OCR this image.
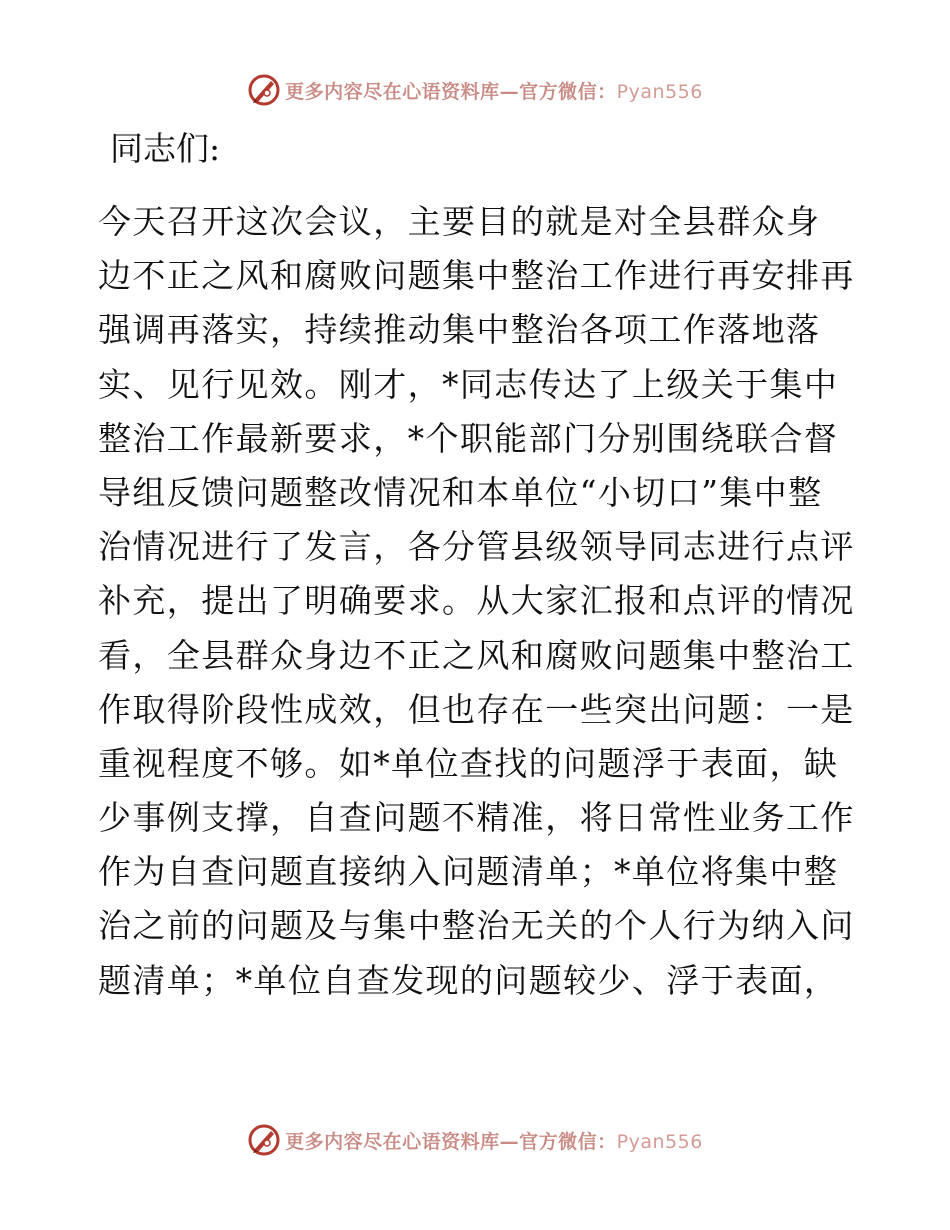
更多内容尽在心语资料库—官方微信：Pyan556

同志们:

今天召开这次会议，主要目的就是对全县群众身
边不正之风和腐败问题集中整治工作进行再安排再
强调再落实，持续推动集中整治各项工作落地落
实、见行见效。刚才，*同志传达了上级关于集中
整治工作最新要求，*个职能部门分别围绕联合督
导组反馈问题整改情况和本单位“小切口”集中整
治情况进行了发言，各分管县级领导同志进行点评
补充，提出了明确要求。从大家汇报和点评的情况
看，全县群众身边不正之风和腐败问题集中整治工
作取得阶段性成效，但也存在一些突出问题：一是
重视程度不够。如*单位查找的问题浮于表面，缺
少事例支撑，自查问题不精准，将日常性业务工作
作为自查问题直接纳入问题清单；*单位将集中整
治之前的问题及与集中整治无关的个人行为纳入问
题清单；*单位自查发现的问题较少、浮于表面，
更多内容尽在心语资料库—官方微信：Pyan556
